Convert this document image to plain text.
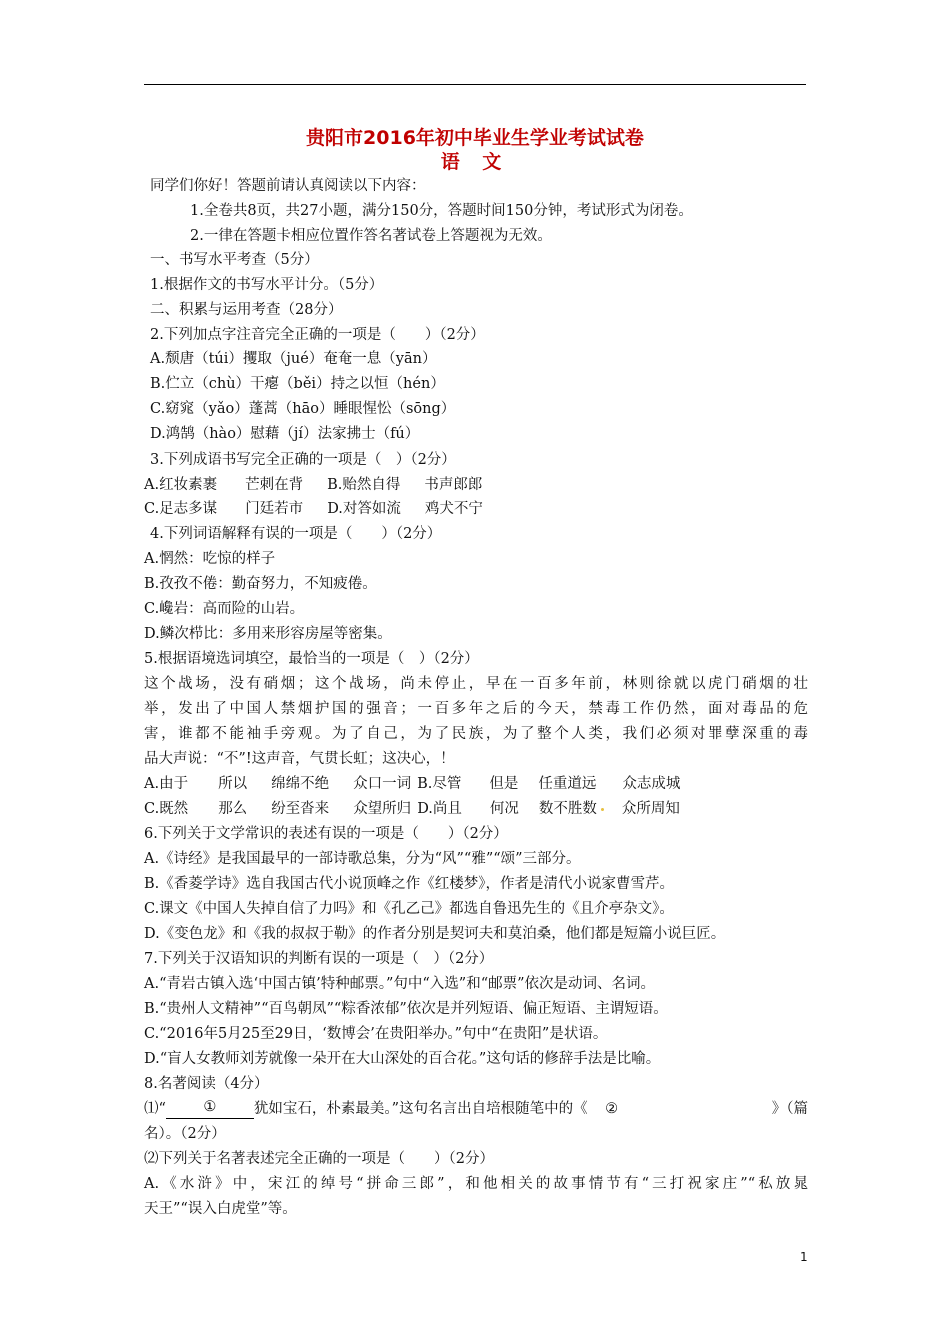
贵阳市2016年初中毕业生学业考试试卷
语 文
同学们你好！答题前请认真阅读以下内容：
1.全卷共8页，共27小题，满分150分，答题时间150分钟，考试形式为闭卷。
2.一律在答题卡相应位置作答名著试卷上答题视为无效。
一、书写水平考查（5分）
1.根据作文的书写水平计分。（5分）
二、积累与运用考查（28分）
2.下列加点字注音完全正确的一项是（　　）（2分）
A.颓唐（túi）攫取（jué）奄奄一息（yān）
B.伫立（chù）干瘪（běi）持之以恒（hén）
C.窈窕（yǎo）蓬蒿（hāo）睡眼惺忪（sōng）
D.鸿鹄（hào）慰藉（jí）法家拂士（fú）
3.下列成语书写完全正确的一项是（　）（2分）
A.红妆素裹 芒刺在背 B.贻然自得 书声郎郎
C.足志多谋 门廷若市 D.对答如流 鸡犬不宁
4.下列词语解释有误的一项是（　　）（2分）
A.惘然：吃惊的样子
B.孜孜不倦：勤奋努力，不知疲倦。
C.巉岩：高而险的山岩。
D.鳞次栉比：多用来形容房屋等密集。
5.根据语境选词填空，最恰当的一项是（　）（2分）
这个战场，没有硝烟；这个战场，尚未停止，早在一百多年前，林则徐就以虎门硝烟的壮
举，发出了中国人禁烟护国的强音；一百多年之后的今天，禁毒工作仍然，面对毒品的危
害，谁都不能袖手旁观。为了自己，为了民族，为了整个人类，我们必须对罪孽深重的毒
品大声说：“不”!这声音，气贯长虹；这决心，！
A.由于 所以 绵绵不绝 众口一词 B.尽管 但是 任重道远 众志成城
C.既然 那么 纷至沓来 众望所归 D.尚且 何况 数不胜数 众所周知
6.下列关于文学常识的表述有误的一项是（　　）（2分）
A.《诗经》是我国最早的一部诗歌总集，分为“风”“雅”“颂”三部分。
B.《香菱学诗》选自我国古代小说顶峰之作《红楼梦》，作者是清代小说家曹雪芹。
C.课文《中国人失掉自信了力吗》和《孔乙己》都选自鲁迅先生的《且介亭杂文》。
D.《变色龙》和《我的叔叔于勒》的作者分别是契诃夫和莫泊桑，他们都是短篇小说巨匠。
7.下列关于汉语知识的判断有误的一项是（　）（2分）
A.“青岩古镇入选‘中国古镇’特种邮票。”句中“入选”和“邮票”依次是动词、名词。
B.“贵州人文精神”“百鸟朝凤”“粽香浓郁”依次是并列短语、偏正短语、主谓短语。
C.“2016年5月25至29日，‘数博会’在贵阳举办。”句中“在贵阳”是状语。
D.“盲人女教师刘芳就像一朵开在大山深处的百合花。”这句话的修辞手法是比喻。
8.名著阅读（4分）
⑴“	①	犹如宝石，朴素最美。”这句名言出自培根随笔中的《	②	》（篇
名）。（2分）
⑵下列关于名著表述完全正确的一项是（　　）（2分）
A.《水浒》中，宋江的绰号“拼命三郎”，和他相关的故事情节有“三打祝家庄”“私放晁
天王”“误入白虎堂”等。
1
